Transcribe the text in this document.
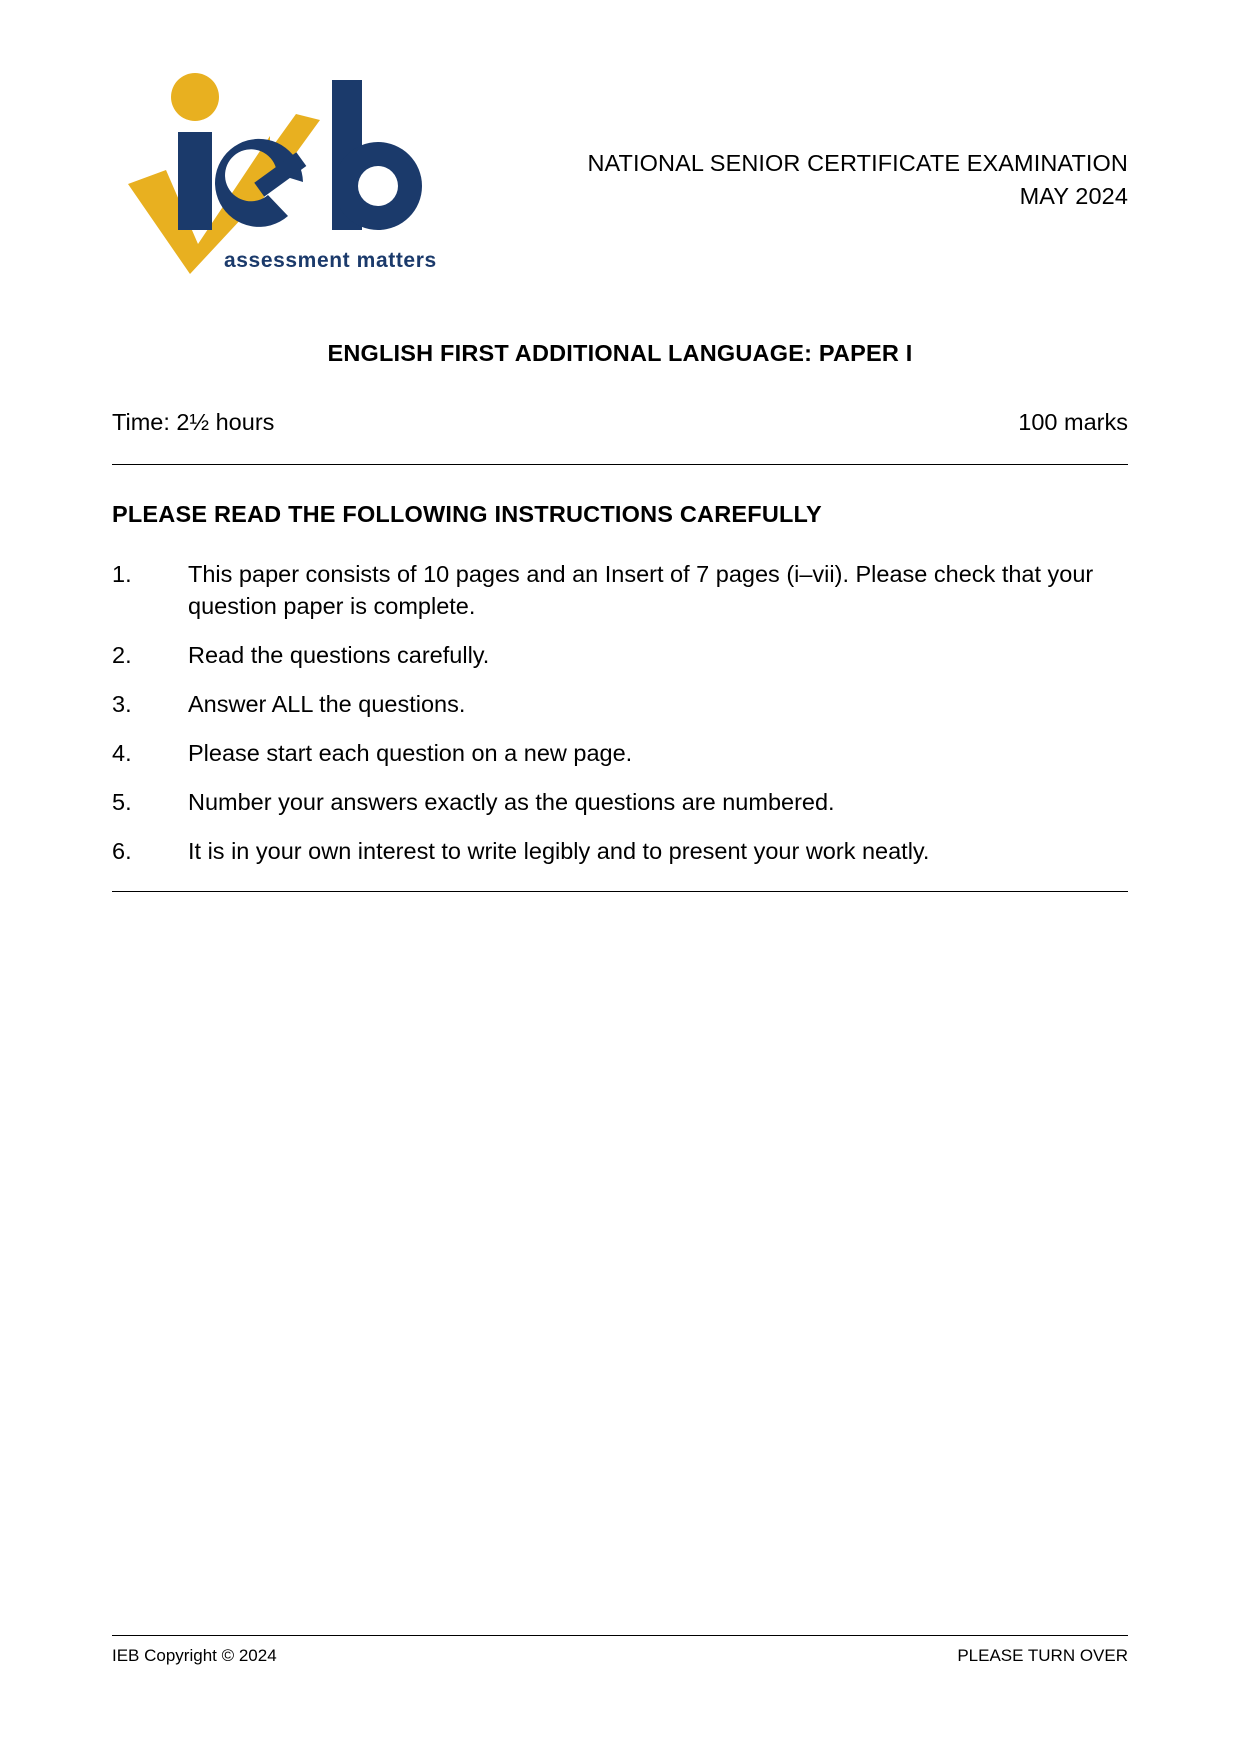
assessment matters
NATIONAL SENIOR CERTIFICATE EXAMINATION
MAY 2024
ENGLISH FIRST ADDITIONAL LANGUAGE: PAPER I
Time: 2½ hours	100 marks
PLEASE READ THE FOLLOWING INSTRUCTIONS CAREFULLY
1.	This paper consists of 10 pages and an Insert of 7 pages (i–vii). Please check that your question paper is complete.
2.	Read the questions carefully.
3.	Answer ALL the questions.
4.	Please start each question on a new page.
5.	Number your answers exactly as the questions are numbered.
6.	It is in your own interest to write legibly and to present your work neatly.
IEB Copyright © 2024	PLEASE TURN OVER
